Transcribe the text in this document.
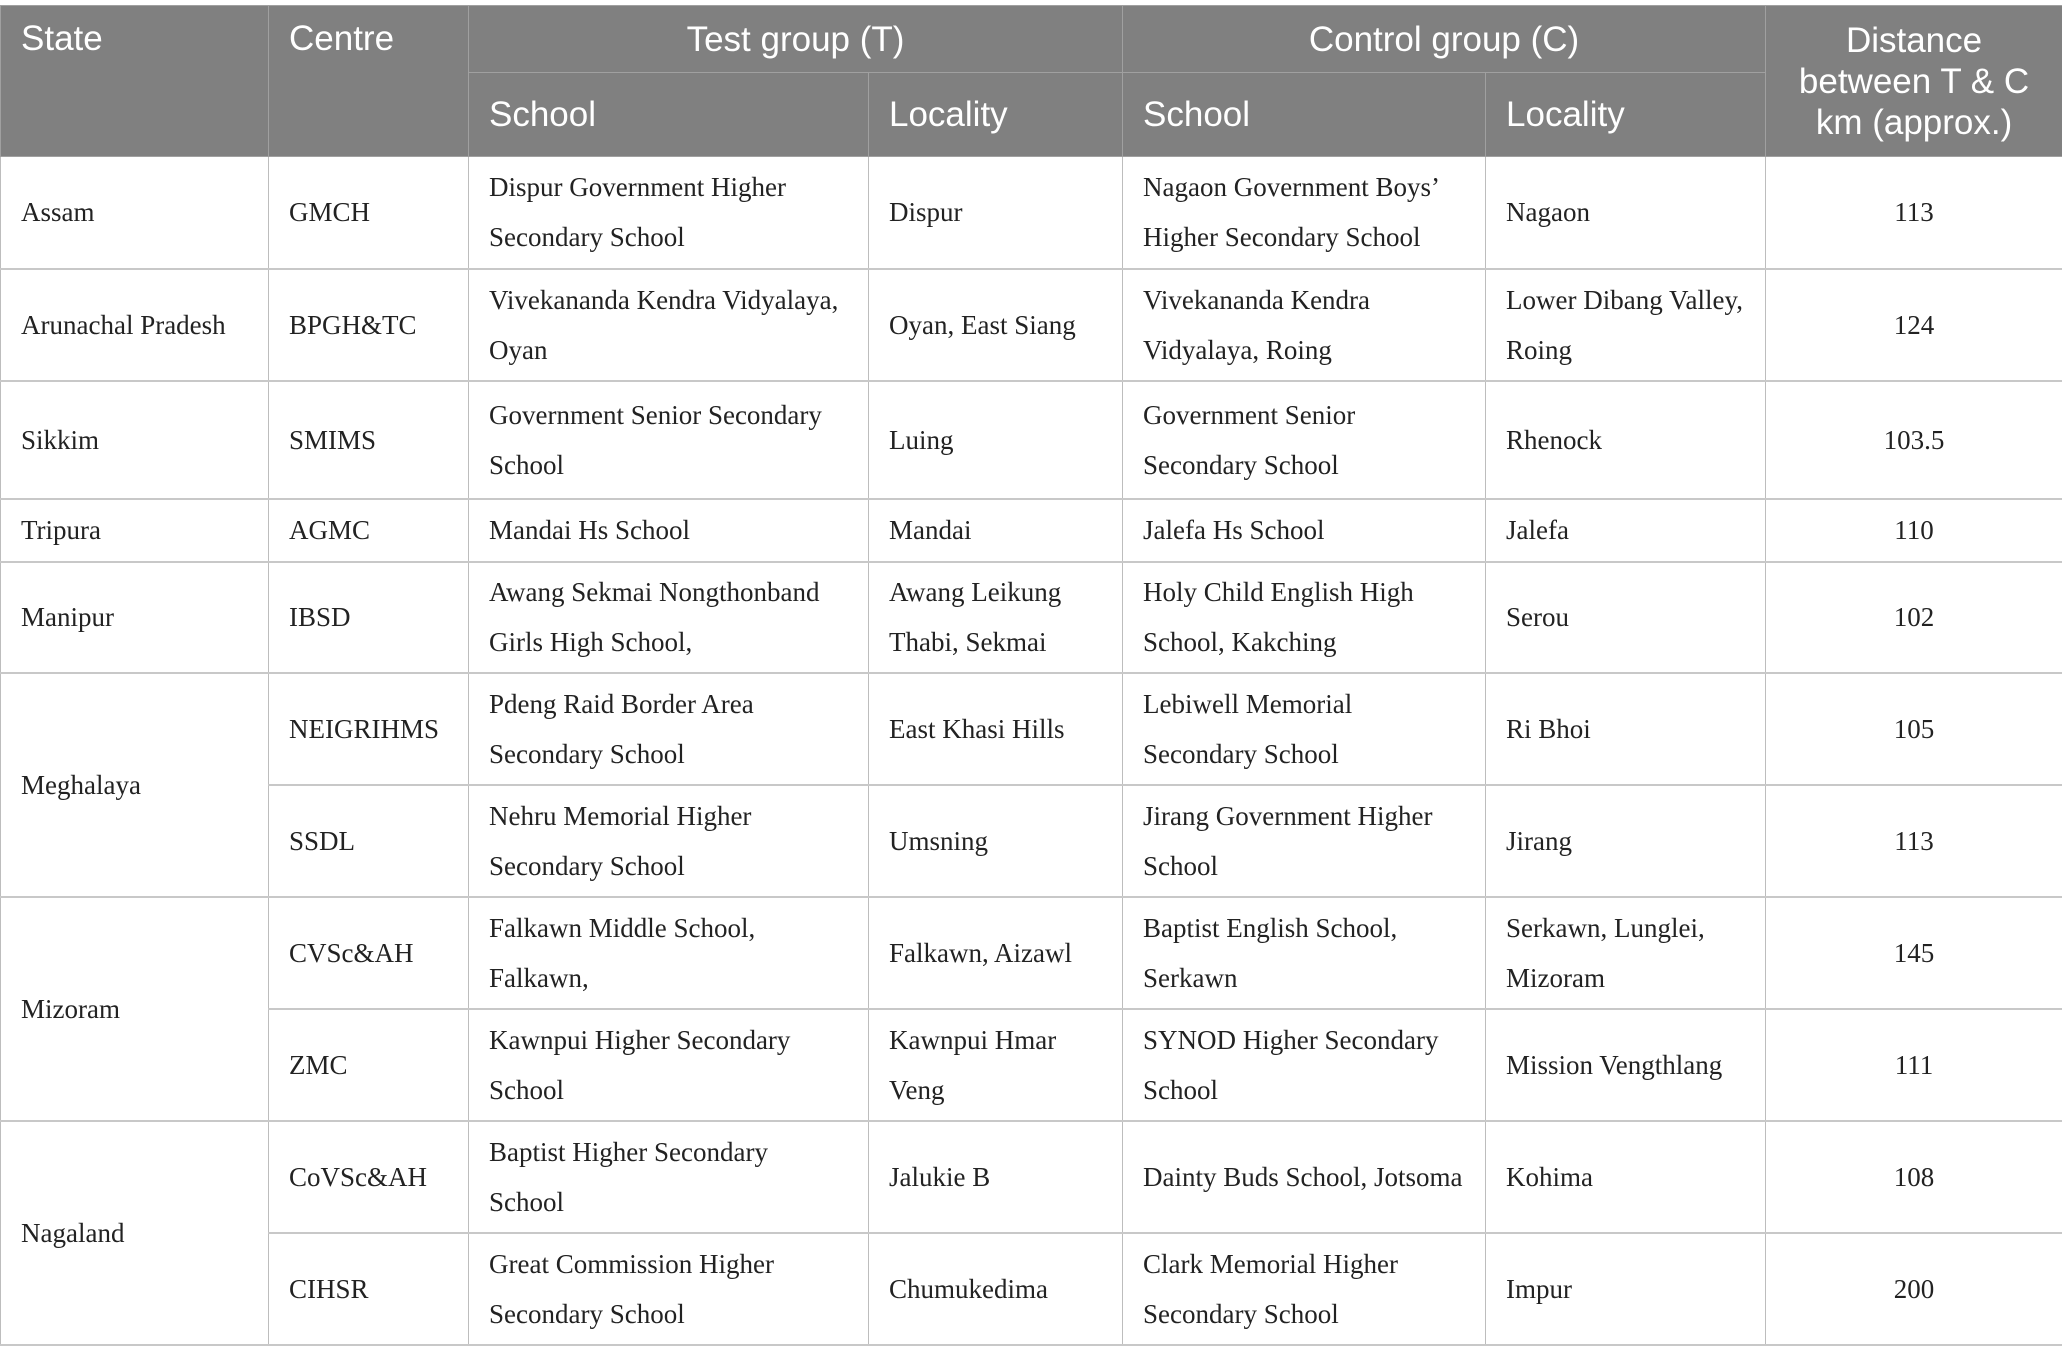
State	Centre	Test group (T)		Control group (C)		Distance between T & C km (approx.)
		School	Locality	School	Locality	
Assam	GMCH	Dispur Government Higher Secondary School	Dispur	Nagaon Government Boys’ Higher Secondary School	Nagaon	113
Arunachal Pradesh	BPGH&TC	Vivekananda Kendra Vidyalaya, Oyan	Oyan, East Siang	Vivekananda Kendra Vidyalaya, Roing	Lower Dibang Valley, Roing	124
Sikkim	SMIMS	Government Senior Secondary School	Luing	Government Senior Secondary School	Rhenock	103.5
Tripura	AGMC	Mandai Hs School	Mandai	Jalefa Hs School	Jalefa	110
Manipur	IBSD	Awang Sekmai Nongthonband Girls High School,	Awang Leikung Thabi, Sekmai	Holy Child English High School, Kakching	Serou	102
Meghalaya	NEIGRIHMS	Pdeng Raid Border Area Secondary School	East Khasi Hills	Lebiwell Memorial Secondary School	Ri Bhoi	105
	SSDL	Nehru Memorial Higher Secondary School	Umsning	Jirang Government Higher School	Jirang	113
Mizoram	CVSc&AH	Falkawn Middle School, Falkawn,	Falkawn, Aizawl	Baptist English School, Serkawn	Serkawn, Lunglei, Mizoram	145
	ZMC	Kawnpui Higher Secondary School	Kawnpui Hmar Veng	SYNOD Higher Secondary School	Mission Vengthlang	111
Nagaland	CoVSc&AH	Baptist Higher Secondary School	Jalukie B	Dainty Buds School, Jotsoma	Kohima	108
	CIHSR	Great Commission Higher Secondary School	Chumukedima	Clark Memorial Higher Secondary School	Impur	200
